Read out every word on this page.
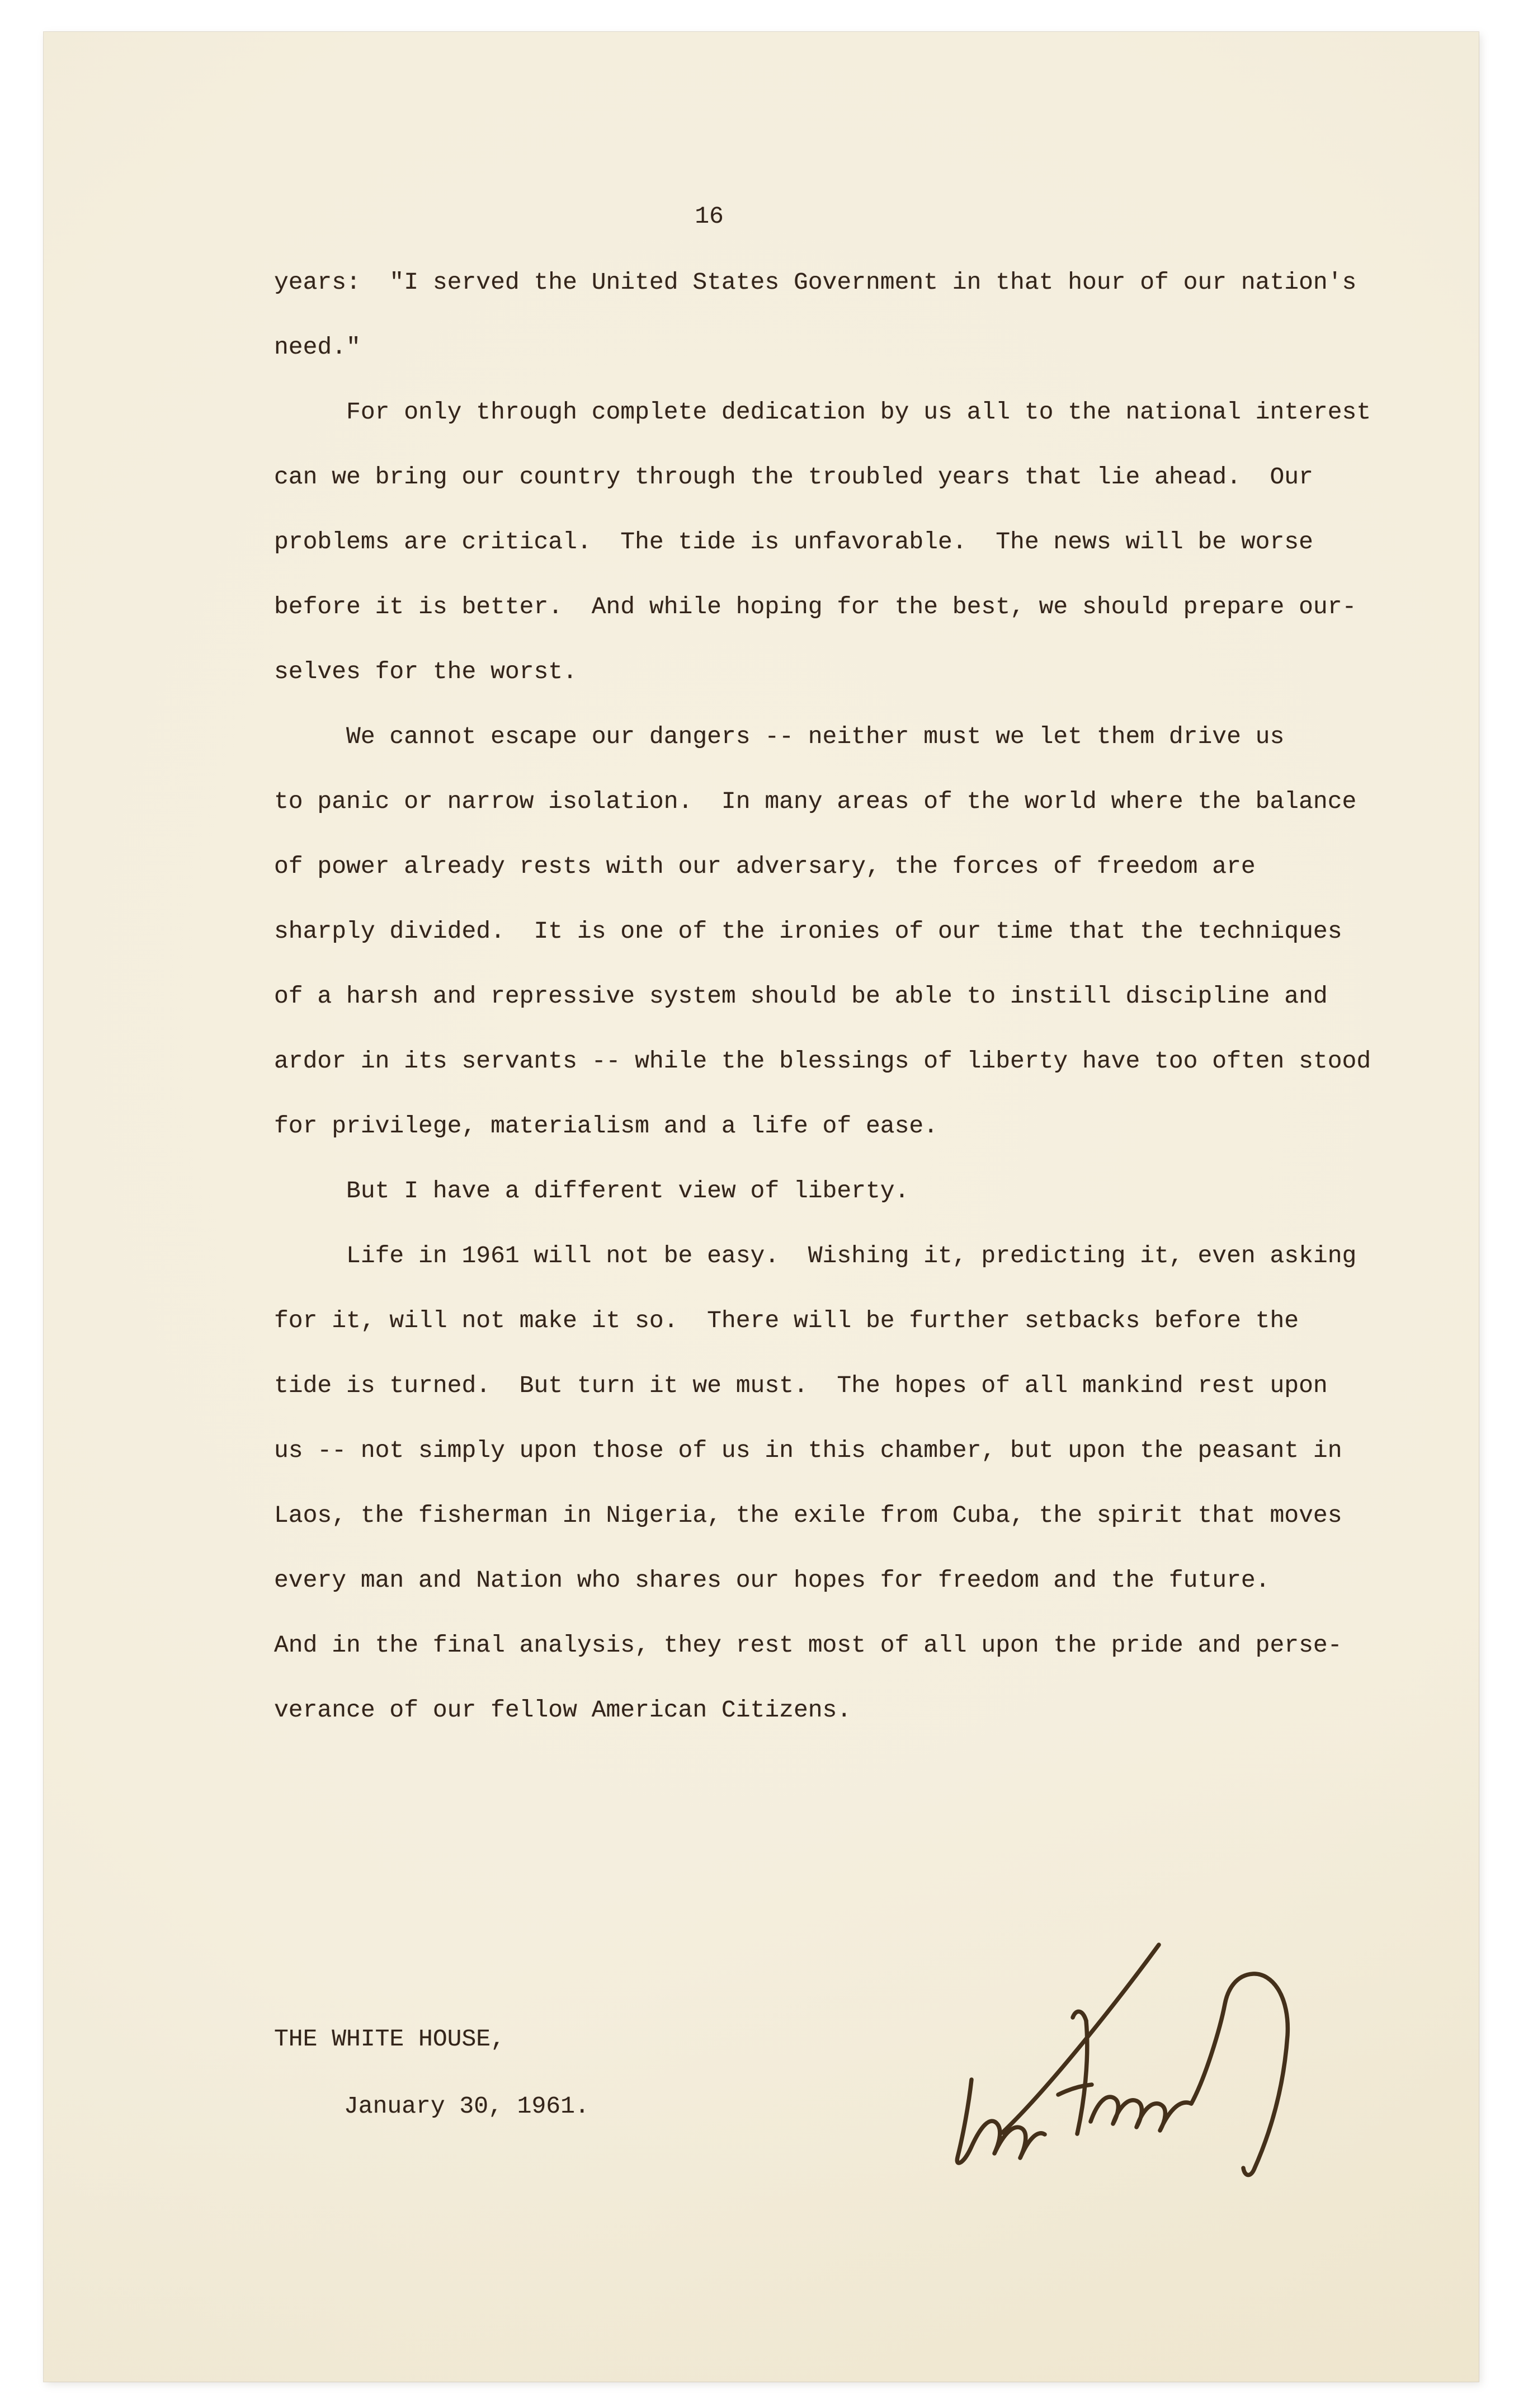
16
years:  "I served the United States Government in that hour of our nation's
need."
For only through complete dedication by us all to the national interest
can we bring our country through the troubled years that lie ahead.  Our
problems are critical.  The tide is unfavorable.  The news will be worse
before it is better.  And while hoping for the best, we should prepare our-
selves for the worst.
We cannot escape our dangers -- neither must we let them drive us
to panic or narrow isolation.  In many areas of the world where the balance
of power already rests with our adversary, the forces of freedom are
sharply divided.  It is one of the ironies of our time that the techniques
of a harsh and repressive system should be able to instill discipline and
ardor in its servants -- while the blessings of liberty have too often stood
for privilege, materialism and a life of ease.
But I have a different view of liberty.
Life in 1961 will not be easy.  Wishing it, predicting it, even asking
for it, will not make it so.  There will be further setbacks before the
tide is turned.  But turn it we must.  The hopes of all mankind rest upon
us -- not simply upon those of us in this chamber, but upon the peasant in
Laos, the fisherman in Nigeria, the exile from Cuba, the spirit that moves
every man and Nation who shares our hopes for freedom and the future.
And in the final analysis, they rest most of all upon the pride and perse-
verance of our fellow American Citizens.
THE WHITE HOUSE,
January 30, 1961.
